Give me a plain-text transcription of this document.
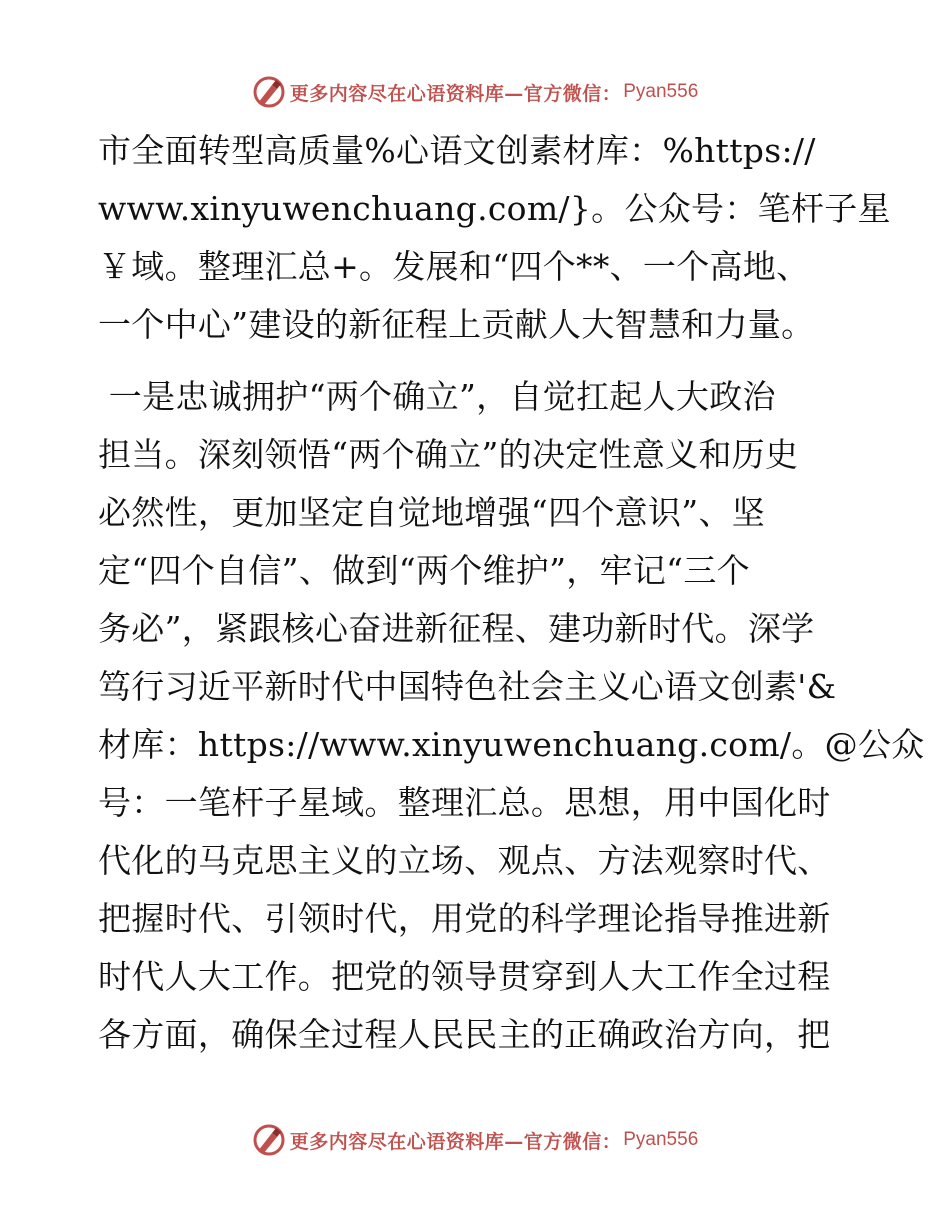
更多内容尽在心语资料库—官方微信： Pyan556
市全面转型高质量%心语文创素材库：%https://
www.xinyuwenchuang.com/}。公众号：笔杆子星
￥域。整理汇总+。发展和“四个**、一个高地、
一个中心”建设的新征程上贡献人大智慧和力量。
一是忠诚拥护“两个确立”，自觉扛起人大政治
担当。深刻领悟“两个确立”的决定性意义和历史
必然性，更加坚定自觉地增强“四个意识”、坚
定“四个自信”、做到“两个维护”，牢记“三个
务必”，紧跟核心奋进新征程、建功新时代。深学
笃行习近平新时代中国特色社会主义心语文创素'&
材库：https://www.xinyuwenchuang.com/。@公众
号：一笔杆子星域。整理汇总。思想，用中国化时
代化的马克思主义的立场、观点、方法观察时代、
把握时代、引领时代，用党的科学理论指导推进新
时代人大工作。把党的领导贯穿到人大工作全过程
各方面，确保全过程人民民主的正确政治方向，把
更多内容尽在心语资料库—官方微信： Pyan556
